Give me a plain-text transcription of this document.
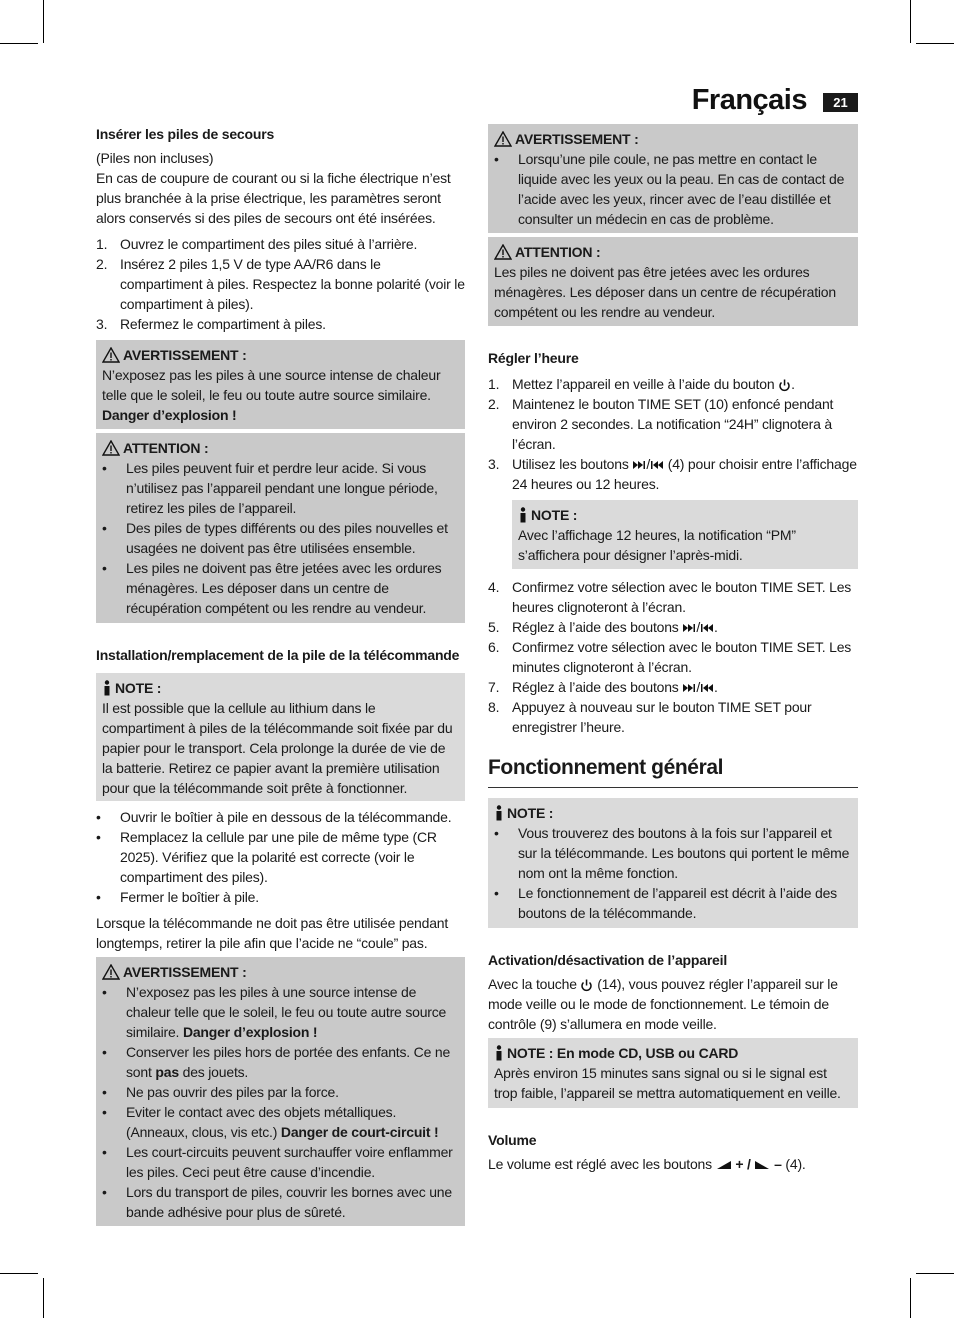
Français	21

Insérer les piles de secours

(Piles non incluses)

En cas de coupure de courant ou si la fiche électrique n’est plus branchée à la prise électrique, les paramètres seront alors conservés si des piles de secours ont été insérées.

1. Ouvrez le compartiment des piles situé à l’arrière.
2. Insérez 2 piles 1,5 V de type AA/R6 dans le compartiment à piles. Respectez la bonne polarité (voir le compartiment à piles).
3. Refermez le compartiment à piles.
AVERTISSEMENT :

N’exposez pas les piles à une source intense de chaleur telle que le soleil, le feu ou toute autre source similaire.

Danger d’explosion !

ATTENTION :
• Les piles peuvent fuir et perdre leur acide. Si vous n’utilisez pas l’appareil pendant une longue période, retirez les piles de l’appareil.
• Des piles de types différents ou des piles nouvelles et usagées ne doivent pas être utilisées ensemble.
• Les piles ne doivent pas être jetées avec les ordures ménagères. Les déposer dans un centre de récupération compétent ou les rendre au vendeur.

Installation/remplacement de la pile de la télécommande

NOTE :

Il est possible que la cellule au lithium dans le compartiment à piles de la télécommande soit fixée par du papier pour le transport. Cela prolonge la durée de vie de la batterie. Retirez ce papier avant la première utilisation pour que la télécommande soit prête à fonctionner.

• Ouvrir le boîtier à pile en dessous de la télécommande.
• Remplacez la cellule par une pile de même type (CR 2025). Vérifiez que la polarité est correcte (voir le compartiment des piles).
• Fermer le boîtier à pile.

Lorsque la télécommande ne doit pas être utilisée pendant longtemps, retirer la pile afin que l’acide ne “coule” pas.

AVERTISSEMENT :
• N’exposez pas les piles à une source intense de chaleur telle que le soleil, le feu ou toute autre source similaire. Danger d’explosion !
• Conserver les piles hors de portée des enfants. Ce ne sont pas des jouets.
• Ne pas ouvrir des piles par la force.
• Eviter le contact avec des objets métalliques. (Anneaux, clous, vis etc.) Danger de court-circuit !
• Les court-circuits peuvent surchauffer voire enflammer les piles. Ceci peut être cause d’incendie.
• Lors du transport de piles, couvrir les bornes avec une bande adhésive pour plus de sûreté.
AVERTISSEMENT :
• Lorsqu’une pile coule, ne pas mettre en contact le liquide avec les yeux ou la peau. En cas de contact de l’acide avec les yeux, rincer avec de l’eau distillée et consulter un médecin en cas de problème.
ATTENTION :

Les piles ne doivent pas être jetées avec les ordures ménagères. Les déposer dans un centre de récupération compétent ou les rendre au vendeur.

Régler l’heure

1. Mettez l’appareil en veille à l’aide du bouton .
2. Maintenez le bouton TIME SET (10) enfoncé pendant environ 2 secondes. La notification “24H” clignotera à l’écran.
3. Utilisez les boutons / (4) pour choisir entre l’affichage 24 heures ou 12 heures.
NOTE :

Avec l’affichage 12 heures, la notification “PM” s’affichera pour désigner l’après-midi.

4. Confirmez votre sélection avec le bouton TIME SET. Les heures clignoteront à l’écran.
5. Réglez à l’aide des boutons / .
6. Confirmez votre sélection avec le bouton TIME SET. Les minutes clignoteront à l’écran.
7. Réglez à l’aide des boutons / .
8. Appuyez à nouveau sur le bouton TIME SET pour enregistrer l’heure.
Fonctionnement général
NOTE :
• Vous trouverez des boutons à la fois sur l’appareil et sur la télécommande. Les boutons qui portent le même nom ont la même fonction.
• Le fonctionnement de l’appareil est décrit à l’aide des boutons de la télécommande.

Activation/désactivation de l’appareil

Avec la touche (14), vous pouvez régler l’appareil sur le mode veille ou le mode de fonctionnement. Le témoin de contrôle (9) s’allumera en mode veille.

NOTE : En mode CD, USB ou CARD

Après environ 15 minutes sans signal ou si le signal est trop faible, l’appareil se mettra automatiquement en veille.

Volume

Le volume est réglé avec les boutons + / – (4).
